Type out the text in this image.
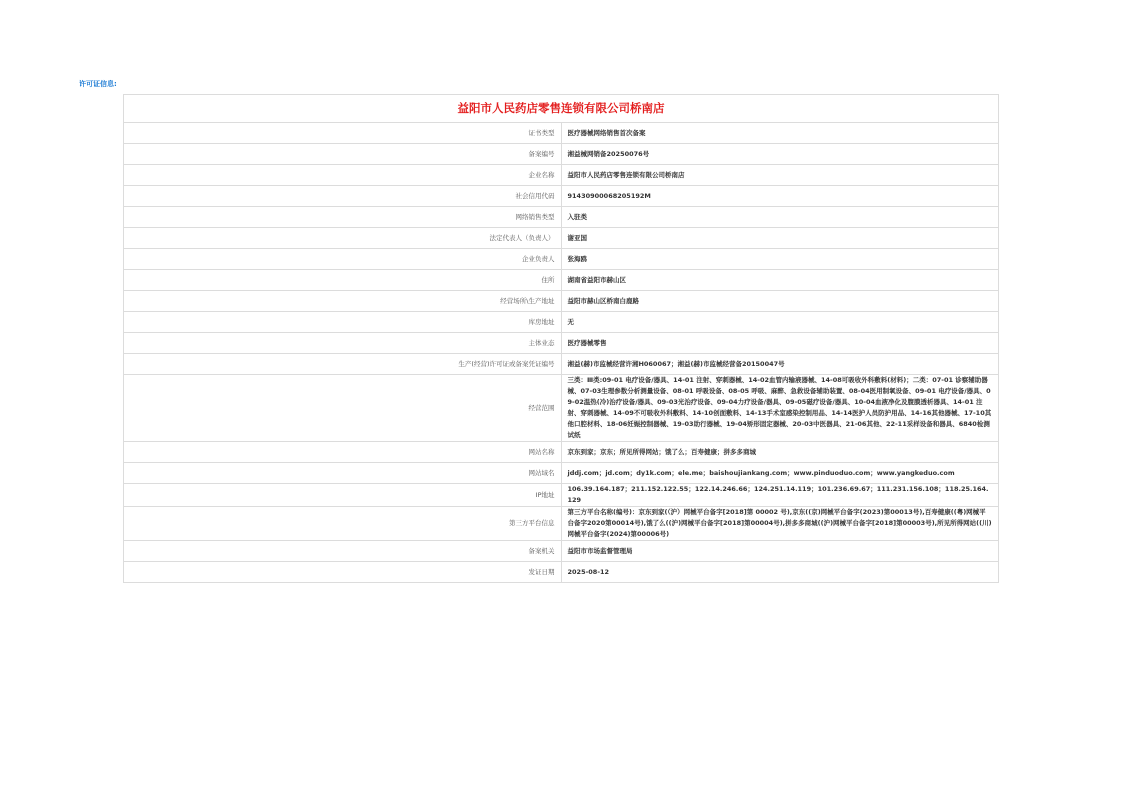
许可证信息:
益阳市人民药店零售连锁有限公司桥南店	
证书类型	医疗器械网络销售首次备案
备案编号	湘益械网销备20250076号
企业名称	益阳市人民药店零售连锁有限公司桥南店
社会信用代码	91430900068205192M
网络销售类型	入驻类
法定代表人（负责人）	谢亚国
企业负责人	张海鸥
住所	湖南省益阳市赫山区
经营场所\生产地址	益阳市赫山区桥南白鹿路
库房地址	无
主体业态	医疗器械零售
生产(经营)许可证或备案凭证编号	湘益(赫)市监械经营许湘H060067；湘益(赫)市监械经营备20150047号
经营范围	三类：Ⅲ类:09-01 电疗设备/器具、14-01 注射、穿刺器械、14-02血管内输液器械、14-08可吸收外科敷料(材料)；二类：07-01 诊察辅助器械、07-03生理参数分析测量设备、08-01 呼吸设备、08-05 呼吸、麻醉、急救设备辅助装置、08-04医用制氧设备、09-01 电疗设备/器具、09-02温热(冷)治疗设备/器具、09-03光治疗设备、09-04力疗设备/器具、09-05磁疗设备/器具、10-04血液净化及腹膜透析器具、14-01 注射、穿刺器械、14-09不可吸收外科敷料、14-10创面敷料、14-13手术室感染控制用品、14-14医护人员防护用品、14-16其他器械、17-10其他口腔材料、18-06妊娠控制器械、19-03助行器械、19-04矫形固定器械、20-03中医器具、21-06其他、22-11采样设备和器具、6840检测试纸
网站名称	京东到家；京东；所见所得网站；饿了么；百寿健康；拼多多商城
网站域名	jddj.com；jd.com；dy1k.com；ele.me；baishoujiankang.com；www.pinduoduo.com；www.yangkeduo.com
IP地址	106.39.164.187；211.152.122.55；122.14.246.66；124.251.14.119；101.236.69.67；111.231.156.108；118.25.164.129
第三方平台信息	第三方平台名称(编号)：京东到家(（沪）网械平台备字[2018]第 00002 号),京东((京)网械平台备字(2023)第00013号),百寿健康((粤)网械平台备字2020第00014号),饿了么((沪)网械平台备字[2018]第00004号),拼多多商城((沪)网械平台备字[2018]第00003号),所见所得网站((川)网械平台备字(2024)第00006号)
备案机关	益阳市市场监督管理局
发证日期	2025-08-12
